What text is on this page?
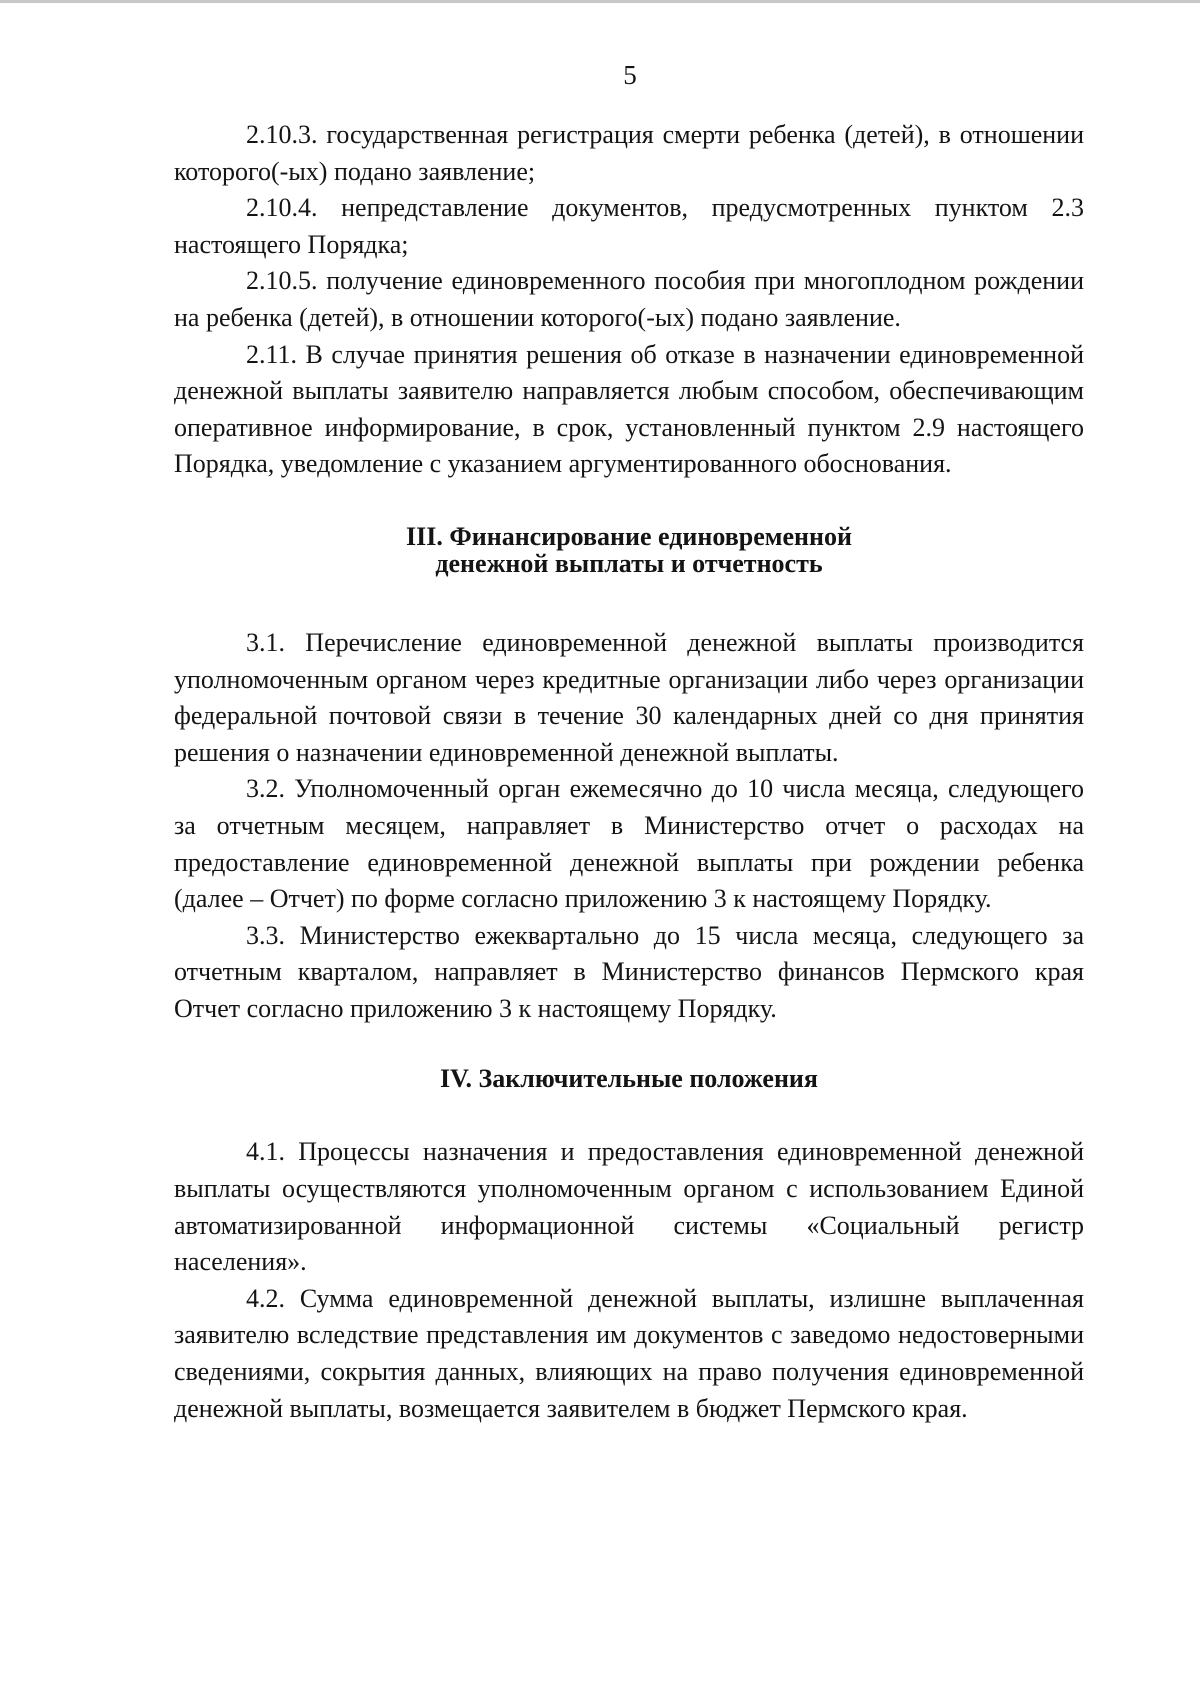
5

2.10.3. государственная регистрация смерти ребенка (детей), в отношении которого(-ых) подано заявление;

2.10.4. непредставление документов, предусмотренных пунктом 2.3 настоящего Порядка;

2.10.5. получение единовременного пособия при многоплодном рождении на ребенка (детей), в отношении которого(-ых) подано заявление.

2.11. В случае принятия решения об отказе в назначении единовременной денежной выплаты заявителю направляется любым способом, обеспечивающим оперативное информирование, в срок, установленный пунктом 2.9 настоящего Порядка, уведомление с указанием аргументированного обоснования.

III. Финансирование единовременной
денежной выплаты и отчетность

3.1. Перечисление единовременной денежной выплаты производится уполномоченным органом через кредитные организации либо через организации федеральной почтовой связи в течение 30 календарных дней со дня принятия решения о назначении единовременной денежной выплаты.

3.2. Уполномоченный орган ежемесячно до 10 числа месяца, следующего за отчетным месяцем, направляет в Министерство отчет о расходах на предоставление единовременной денежной выплаты при рождении ребенка (далее – Отчет) по форме согласно приложению 3 к настоящему Порядку.

3.3. Министерство ежеквартально до 15 числа месяца, следующего за отчетным кварталом, направляет в Министерство финансов Пермского края Отчет согласно приложению 3 к настоящему Порядку.

IV. Заключительные положения

4.1. Процессы назначения и предоставления единовременной денежной выплаты осуществляются уполномоченным органом с использованием Единой автоматизированной информационной системы «Социальный регистр населения».

4.2. Сумма единовременной денежной выплаты, излишне выплаченная заявителю вследствие представления им документов с заведомо недостоверными сведениями, сокрытия данных, влияющих на право получения единовременной денежной выплаты, возмещается заявителем в бюджет Пермского края.
